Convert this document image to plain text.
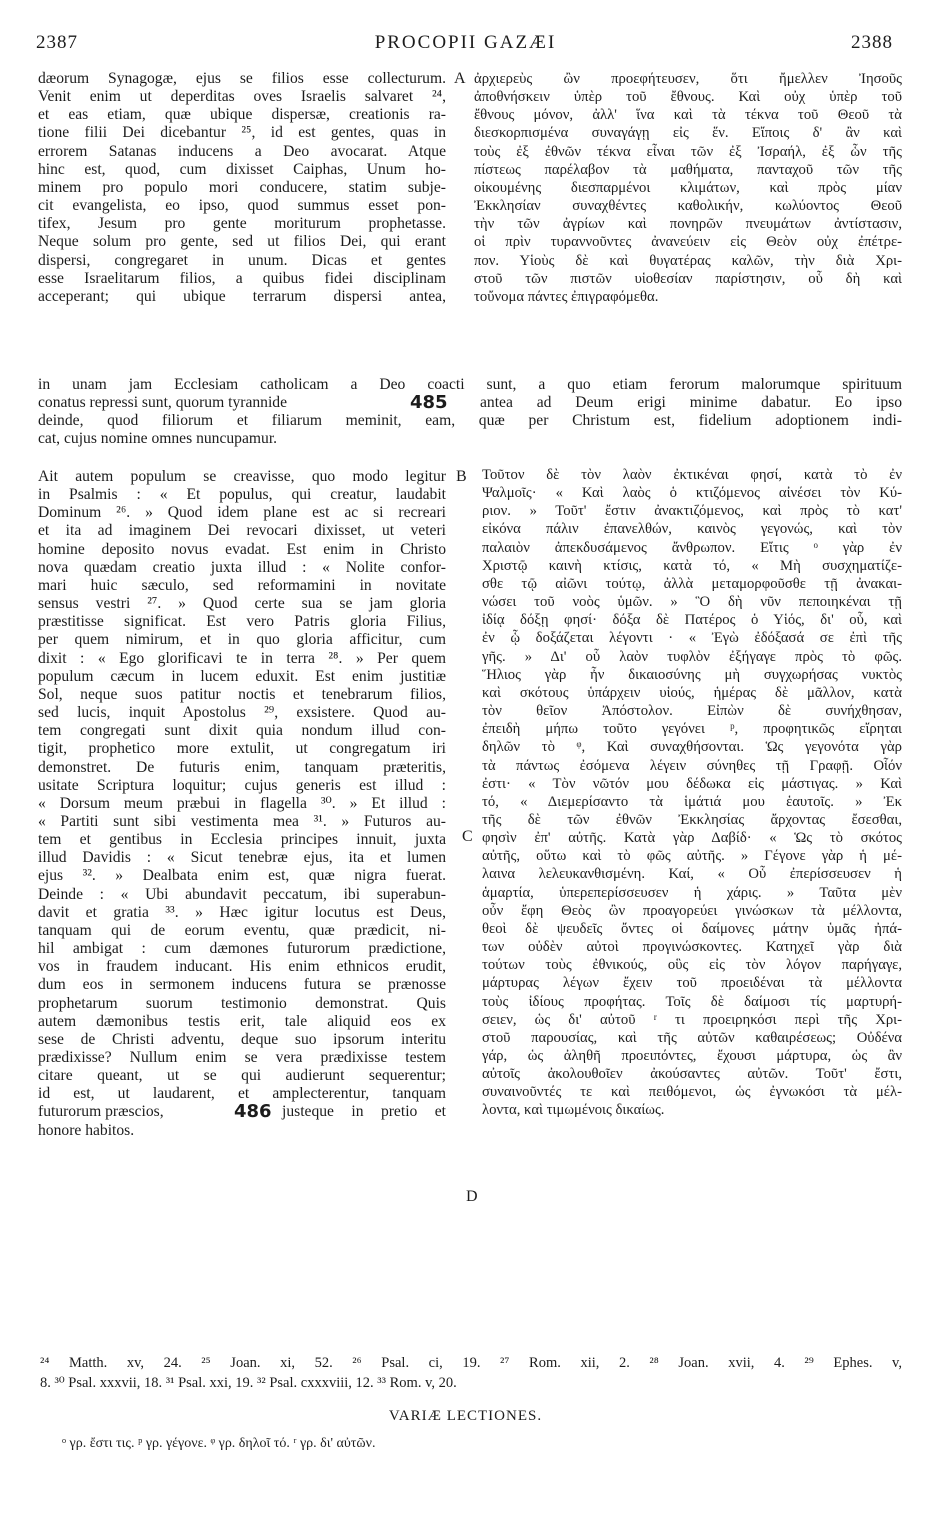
2387	PROCOPII GAZÆI	2388
dæorum Synagogæ, ejus se filios esse collecturum.
Venit enim ut deperditas oves Israelis salvaret ²⁴,
et eas etiam, quæ ubique dispersæ, creationis ra-
tione filii Dei dicebantur ²⁵, id est gentes, quas in
errorem Satanas inducens a Deo avocarat. Atque
hinc est, quod, cum dixisset Caiphas, Unum ho-
minem pro populo mori conducere, statim subje-
cit evangelista, eo ipso, quod summus esset pon-
tifex, Jesum pro gente moriturum prophetasse.
Neque solum pro gente, sed ut filios Dei, qui erant
dispersi, congregaret in unum. Dicas et gentes
esse Israelitarum filios, a quibus fidei disciplinam
acceperant; qui ubique terrarum dispersi antea,
A ἀρχιερεὺς ὢν προεφήτευσεν, ὅτι ἤμελλεν Ἰησοῦς
ἀποθνήσκειν ὑπὲρ τοῦ ἔθνους. Καὶ οὐχ ὑπὲρ τοῦ
ἔθνους μόνον, ἀλλ' ἵνα καὶ τὰ τέκνα τοῦ Θεοῦ τὰ
διεσκορπισμένα συναγάγῃ εἰς ἕν. Εἴποις δ' ἂν καὶ
τοὺς ἐξ ἐθνῶν τέκνα εἶναι τῶν ἐξ Ἰσραήλ, ἐξ ὧν τῆς
πίστεως παρέλαβον τὰ μαθήματα, πανταχοῦ τῶν τῆς
οἰκουμένης διεσπαρμένοι κλιμάτων, καὶ πρὸς μίαν
Ἐκκλησίαν συναχθέντες καθολικήν, κωλύοντος Θεοῦ
τὴν τῶν ἀγρίων καὶ πονηρῶν πνευμάτων ἀντίστασιν,
οἱ πρὶν τυραννοῦντες ἀνανεύειν εἰς Θεὸν οὐχ ἐπέτρε-
πον. Υἱοὺς δὲ καὶ θυγατέρας καλῶν, τὴν διὰ Χρι-
στοῦ τῶν πιστῶν υἱοθεσίαν παρίστησιν, οὗ δὴ καὶ
τοὔνομα πάντες ἐπιγραφόμεθα.
in unam jam Ecclesiam catholicam a Deo coacti sunt, a quo etiam ferorum malorumque spirituum
conatus repressi sunt, quorum tyrannide	485 antea ad Deum erigi minime dabatur. Eo ipso
deinde, quod filiorum et filiarum meminit, eam, quæ per Christum est, fidelium adoptionem indi-
cat, cujus nomine omnes nuncupamur.
Ait autem populum se creavisse, quo modo legitur
in Psalmis : « Et populus, qui creatur, laudabit
Dominum ²⁶. » Quod idem plane est ac si recreari
et ita ad imaginem Dei revocari dixisset, ut veteri
homine deposito novus evadat. Est enim in Christo
nova quædam creatio juxta illud : « Nolite confor-
mari huic sæculo, sed reformamini in novitate
sensus vestri ²⁷. » Quod certe sua se jam gloria
præstitisse significat. Est vero Patris gloria Filius,
per quem nimirum, et in quo gloria afficitur, cum
dixit : « Ego glorificavi te in terra ²⁸. » Per quem
populum cæcum in lucem eduxit. Est enim justitiæ
Sol, neque suos patitur noctis et tenebrarum filios,
sed lucis, inquit Apostolus ²⁹, exsistere. Quod au-
tem congregati sunt dixit quia nondum illud con-
tigit, prophetico more extulit, ut congregatum iri
demonstret. De futuris enim, tanquam præteritis,
usitate Scriptura loquitur; cujus generis est illud :
« Dorsum meum præbui in flagella ³⁰. » Et illud :
« Partiti sunt sibi vestimenta mea ³¹. » Futuros au-
tem et gentibus in Ecclesia principes innuit, juxta
illud Davidis : « Sicut tenebræ ejus, ita et lumen
ejus ³². » Dealbata enim est, quæ nigra fuerat.
Deinde : « Ubi abundavit peccatum, ibi superabun-
davit et gratia ³³. » Hæc igitur locutus est Deus,
tanquam qui de eorum eventu, quæ prædicit, ni-
hil ambigat : cum dæmones futurorum prædictione,
vos in fraudem inducant. His enim ethnicos erudit,
dum eos in sermonem inducens futura se prænosse
prophetarum suorum testimonio demonstrat. Quis
autem dæmonibus testis erit, tale aliquid eos ex
sese de Christi adventu, deque suo ipsorum interitu
prædixisse? Nullum enim se vera prædixisse testem
citare queant, ut se qui audierunt sequerentur;
id est, ut laudarent, et amplecterentur, tanquam
futurorum præscios,	486 justeque in pretio et
honore habitos.
B
C
D
Τοῦτον δὲ τὸν λαὸν ἐκτικέναι φησί, κατὰ τὸ ἐν
Ψαλμοῖς· « Καὶ λαὸς ὁ κτιζόμενος αἰνέσει τὸν Κύ-
ριον. » Τοῦτ' ἔστιν ἀνακτιζόμενος, καὶ πρὸς τὸ κατ'
εἰκόνα πάλιν ἐπανελθών, καινὸς γεγονώς, καὶ τὸν
παλαιὸν ἀπεκδυσάμενος ἄνθρωπον. Εἴτις ᵒ γὰρ ἐν
Χριστῷ καινὴ κτίσις, κατὰ τό, « Μὴ συσχηματίζε-
σθε τῷ αἰῶνι τούτῳ, ἀλλὰ μεταμορφοῦσθε τῇ ἀνακαι-
νώσει τοῦ νοὸς ὑμῶν. » Ὃ δὴ νῦν πεποιηκέναι τῇ
ἰδίᾳ δόξῃ φησί· δόξα δὲ Πατέρος ὁ Υἱός, δι' οὗ, καὶ
ἐν ᾧ δοξάζεται λέγοντι · « Ἐγὼ ἐδόξασά σε ἐπὶ τῆς
γῆς. » Δι' οὗ λαὸν τυφλὸν ἐξήγαγε πρὸς τὸ φῶς.
Ἥλιος γὰρ ἦν δικαιοσύνης μὴ συγχωρήσας νυκτὸς
καὶ σκότους ὑπάρχειν υἱούς, ἡμέρας δὲ μᾶλλον, κατὰ
τὸν θεῖον Ἀπόστολον. Εἰπὼν δὲ συνήχθησαν,
ἐπειδὴ μήπω τοῦτο γεγόνει ᵖ, προφητικῶς εἴρηται
δηλῶν τὸ ᵠ, Καὶ συναχθήσονται. Ὡς γεγονότα γὰρ
τὰ πάντως ἐσόμενα λέγειν σύνηθες τῇ Γραφῇ. Οἷόν
ἐστι· « Τὸν νῶτόν μου δέδωκα εἰς μάστιγας. » Καὶ
τό, « Διεμερίσαντο τὰ ἱμάτιά μου ἑαυτοῖς. » Ἐκ
τῆς δὲ τῶν ἐθνῶν Ἐκκλησίας ἄρχοντας ἔσεσθαι,
φησὶν ἐπ' αὐτῆς. Κατὰ γὰρ Δαβίδ· « Ὡς τὸ σκότος
αὐτῆς, οὕτω καὶ τὸ φῶς αὐτῆς. » Γέγονε γὰρ ἡ μέ-
λαινα λελευκανθισμένη. Καί, « Οὗ ἐπερίσσευσεν ἡ
ἁμαρτία, ὑπερεπερίσσευσεν ἡ χάρις. » Ταῦτα μὲν
οὖν ἔφη Θεὸς ὢν προαγορεύει γινώσκων τὰ μέλλοντα,
θεοὶ δὲ ψευδεῖς ὄντες οἱ δαίμονες μάτην ὑμᾶς ἠπά-
των οὐδὲν αὐτοὶ προγινώσκοντες. Κατηχεῖ γὰρ διὰ
τούτων τοὺς ἐθνικούς, οὓς εἰς τὸν λόγον παρήγαγε,
μάρτυρας λέγων ἔχειν τοῦ προειδέναι τὰ μέλλοντα
τοὺς ἰδίους προφήτας. Τοῖς δὲ δαίμοσι τίς μαρτυρή-
σειεν, ὡς δι' αὐτοῦ ʳ τι προειρηκόσι περὶ τῆς Χρι-
στοῦ παρουσίας, καὶ τῆς αὐτῶν καθαιρέσεως; Οὐδένα
γάρ, ὡς ἀληθῆ προειπόντες, ἔχουσι μάρτυρα, ὡς ἂν
αὐτοῖς ἀκολουθοῖεν ἀκούσαντες αὐτῶν. Τοῦτ' ἔστι,
συναινοῦντές τε καὶ πειθόμενοι, ὡς ἐγνωκόσι τὰ μέλ-
λοντα, καὶ τιμωμένοις δικαίως.
²⁴ Matth. xv, 24. ²⁵ Joan. xi, 52. ²⁶ Psal. ci, 19. ²⁷ Rom. xii, 2. ²⁸ Joan. xvii, 4. ²⁹ Ephes. v,
8. ³⁰ Psal. xxxvii, 18. ³¹ Psal. xxi, 19. ³² Psal. cxxxviii, 12. ³³ Rom. v, 20.
VARIÆ LECTIONES.
ᵒ γρ. ἔστι τις. ᵖ γρ. γέγονε. ᵠ γρ. δηλοῖ τό. ʳ γρ. δι' αὐτῶν.
